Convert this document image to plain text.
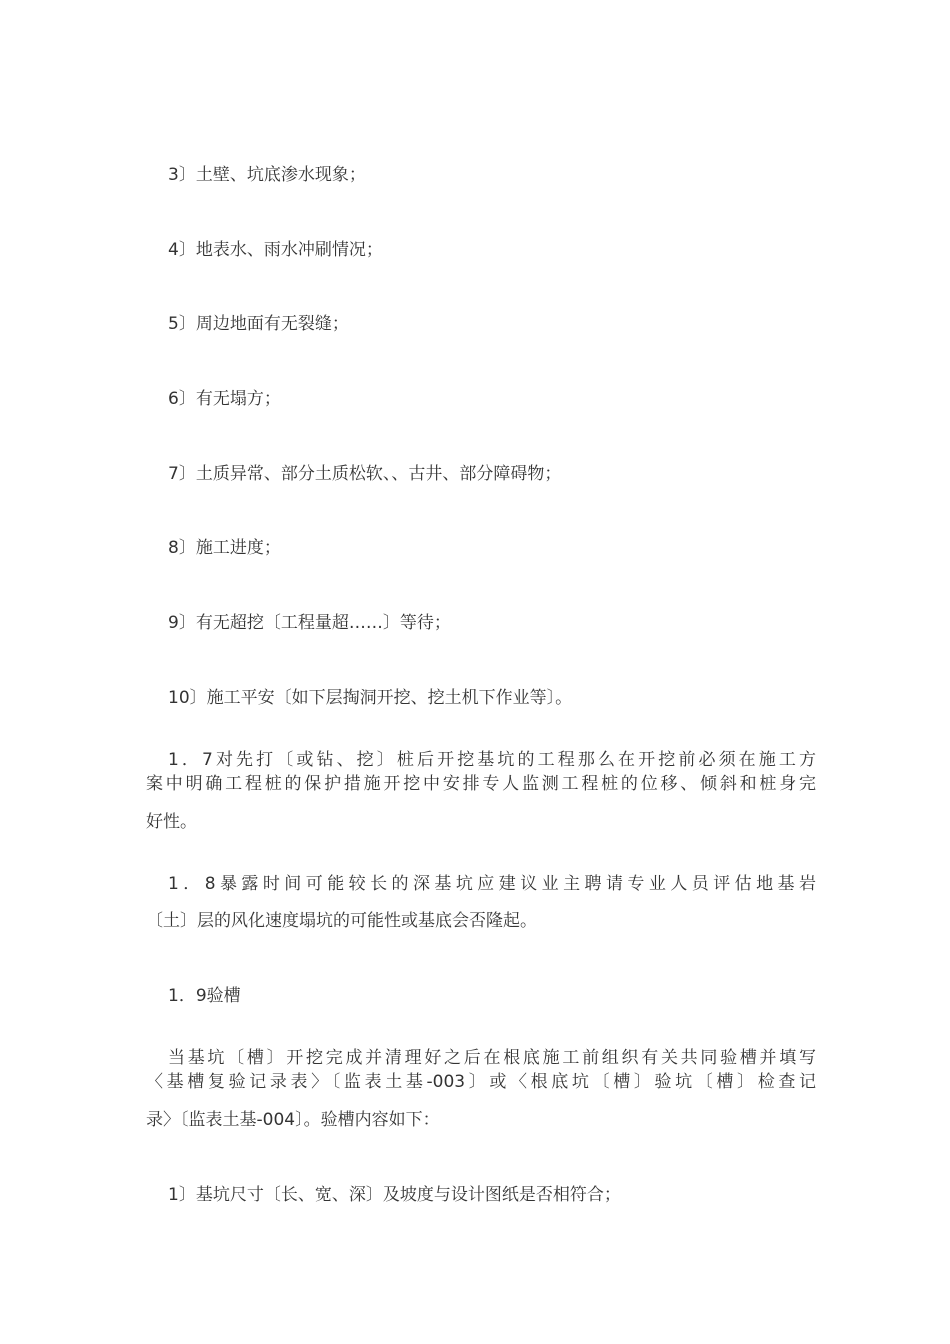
3〕土壁、坑底渗水现象；
4〕地表水、雨水冲刷情况；
5〕周边地面有无裂缝；
6〕有无塌方；
7〕土质异常、部分土质松软、、古井、部分障碍物；
8〕施工进度；
9〕有无超挖〔工程量超……〕等待；
10〕施工平安〔如下层掏洞开挖、挖土机下作业等〕。
1．7对先打〔或钻、挖〕桩后开挖基坑的工程那么在开挖前必须在施工方
案中明确工程桩的保护措施开挖中安排专人监测工程桩的位移、倾斜和桩身完
好性。
1．8暴露时间可能较长的深基坑应建议业主聘请专业人员评估地基岩
〔土〕层的风化速度塌坑的可能性或基底会否隆起。
1．9验槽
当基坑〔槽〕开挖完成并清理好之后在根底施工前组织有关共同验槽并填写
〈基槽复验记录表〉〔监表土基-003〕或〈根底坑〔槽〕验坑〔槽〕检查记
录〉〔监表土基-004〕。验槽内容如下：
1〕基坑尺寸〔长、宽、深〕及坡度与设计图纸是否相符合；
